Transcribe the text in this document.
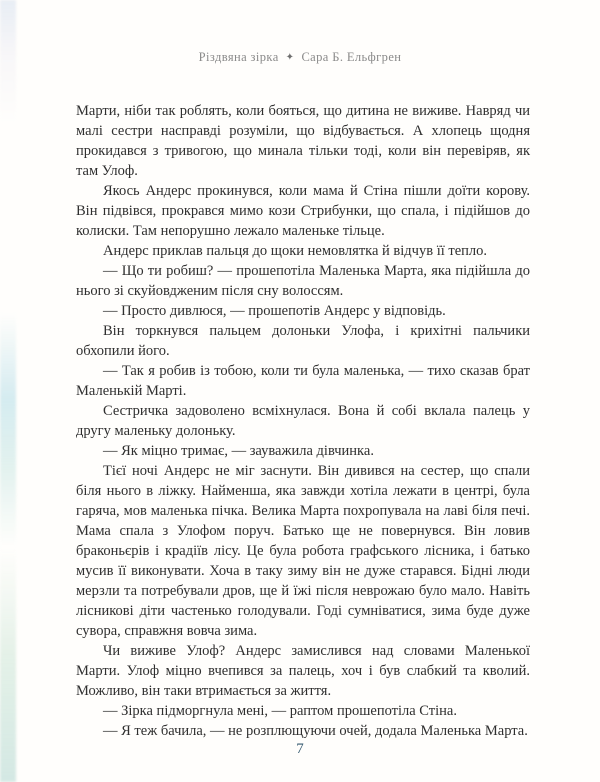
Різдвяна зірка ✦ Сара Б. Ельфгрен

Марти, ніби так роблять, коли бояться, що дитина не виживе. Навряд чи малі сестри насправді розуміли, що відбувається. А хлопець щодня прокидався з тривогою, що минала тільки тоді, коли він перевіряв, як там Улоф.

Якось Андерс прокинувся, коли мама й Стіна пішли доїти корову. Він підвівся, прокрався мимо кози Стрибунки, що спала, і підійшов до колиски. Там непорушно лежало маленьке тільце.

Андерс приклав пальця до щоки немовлятка й відчув її тепло.

— Що ти робиш? — прошепотіла Маленька Марта, яка підійшла до нього зі скуйовдженим після сну волоссям.

— Просто дивлюся, — прошепотів Андерс у відповідь.

Він торкнувся пальцем долоньки Улофа, і крихітні пальчики обхопили його.

— Так я робив із тобою, коли ти була маленька, — тихо сказав брат Маленькій Марті.

Сестричка задоволено всміхнулася. Вона й собі вклала палець у другу маленьку долоньку.

— Як міцно тримає, — зауважила дівчинка.

Тієї ночі Андерс не міг заснути. Він дивився на сестер, що спали біля нього в ліжку. Найменша, яка завжди хотіла лежати в центрі, була гаряча, мов маленька пічка. Велика Марта похропувала на лаві біля печі. Мама спала з Улофом поруч. Батько ще не повернувся. Він ловив браконьєрів і крадіїв лісу. Це була робота графського лісника, і батько мусив її виконувати. Хоча в таку зиму він не дуже старався. Бідні люди мерзли та потребували дров, ще й їжі після неврожаю було мало. Навіть лісникові діти частенько голодували. Годі сумніватися, зима буде дуже сувора, справжня вовча зима.

Чи виживе Улоф? Андерс замислився над словами Маленької Марти. Улоф міцно вчепився за палець, хоч і був слабкий та кволий. Можливо, він таки втримається за життя.

— Зірка підморгнула мені, — раптом прошепотіла Стіна.

— Я теж бачила, — не розплющуючи очей, додала Маленька Марта.

7
